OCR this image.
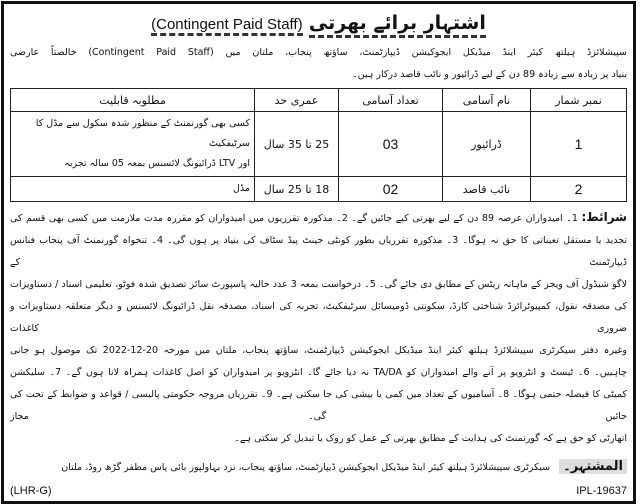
اشتہار برائے بھرتی (Contingent Paid Staff)
سپیشلائزڈ ہیلتھ کیئر اینڈ میڈیکل ایجوکیشن ڈیپارٹمنٹ، ساؤتھ پنجاب، ملتان میں (Contingent Paid Staff) خالصتاً عارضی
بنیاد پر زیادہ سے زیادہ 89 دن کے لیے ڈرائیور و نائب قاصد درکار ہیں۔
نمبر شمار	نام آسامی	تعداد آسامی	عمری حد	مطلوبہ قابلیت
1	ڈرائیور	03	25 تا 35 سال	کسی بھی گورنمنٹ کے منظور شدہ سکول سے مڈل کا سرٹیفکیٹ
اور LTV ڈرائیونگ لائسنس بمعہ 05 سالہ تجربہ

2	نائب قاصد	02	18 تا 25 سال	مڈل
شرائط: 1۔ امیدواران عرصہ 89 دن کے لیے بھرتی کیے جائیں گے۔ 2۔ مذکورہ تقرریوں میں امیدواران کو مقررہ مدت ملازمت میں کسی بھی قسم کی
تجدید یا مستقل تعیناتی کا حق نہ ہوگا۔ 3۔ مذکورہ تقرریاں بطور کونٹی جینٹ پیڈ سٹاف کی بنیاد پر ہوں گی۔ 4۔ تنخواہ گورنمنٹ آف پنجاب فنانس ڈیپارٹمنٹ کے
لاگو شیڈول آف ویجز کے ماہانہ ریٹس کے مطابق دی جائے گی۔ 5۔ درخواست بمعہ 3 عدد حالیہ پاسپورٹ سائز تصدیق شدہ فوٹو، تعلیمی اسناد / دستاویزات
کی مصدقہ نقول، کمپیوٹرائزڈ شناختی کارڈ، سکونتی ڈومیسائل سرٹیفکیٹ، تجربہ کی اسناد، مصدقہ نقل ڈرائیونگ لائسنس و دیگر متعلقہ دستاویزات و ضروری کاغذات
وغیرہ دفتر سیکرٹری سپیشلائزڈ ہیلتھ کیئر اینڈ میڈیکل ایجوکیشن ڈیپارٹمنٹ، ساؤتھ پنجاب، ملتان میں مورخہ 20-12-2022 تک موصول ہو جانی
چاہییں۔ 6۔ ٹیسٹ و انٹرویو پر آنے والے امیدواران کو TA/DA نہ دیا جائے گا۔ انٹرویو پر امیدواران کو اصل کاغذات ہمراہ لانا ہوں گے۔ 7۔ سلیکشن
کمیٹی کا فیصلہ حتمی ہوگا۔ 8۔ آسامیوں کے تعداد میں کمی یا بیشی کی جا سکتی ہے۔ 9۔ تقرریاں مروجہ حکومتی پالیسی / قواعد و ضوابط کے تحت کی جائیں گی۔ مجاز
اتھارٹی کو حق ہے کہ گورنمنٹ کی ہدایت کے مطابق بھرتی کے عمل کو روک یا تبدیل کر سکتی ہے۔
المشتہر۔ سیکرٹری سپیشلائزڈ ہیلتھ کیئر اینڈ میڈیکل ایجوکیشن ڈیپارٹمنٹ، ساؤتھ پنجاب، نزد بہاولپور بائی پاس مظفر گڑھ روڈ، ملتان
(LHR-G)	IPL-19637
